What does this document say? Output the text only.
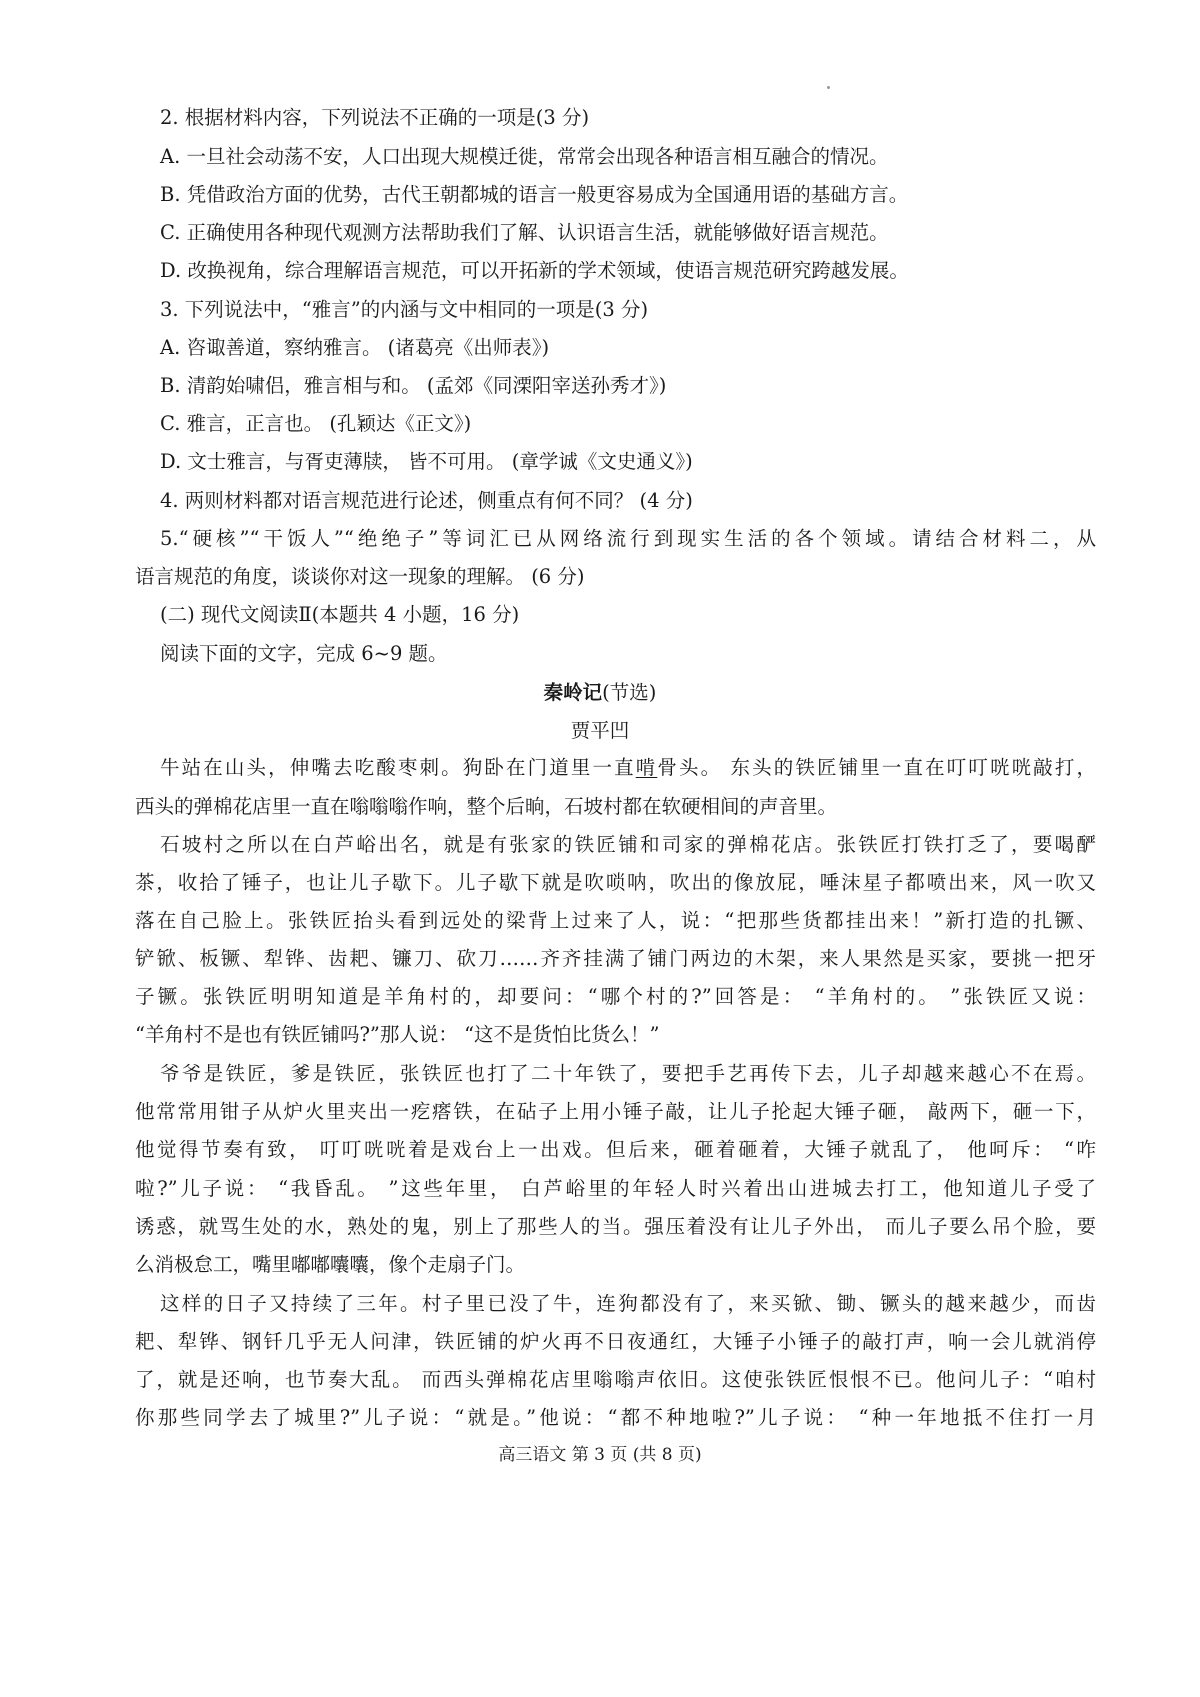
2. 根据材料内容，下列说法不正确的一项是(3 分)

A. 一旦社会动荡不安，人口出现大规模迁徙，常常会出现各种语言相互融合的情况。

B. 凭借政治方面的优势，古代王朝都城的语言一般更容易成为全国通用语的基础方言。

C. 正确使用各种现代观测方法帮助我们了解、认识语言生活，就能够做好语言规范。

D. 改换视角，综合理解语言规范，可以开拓新的学术领域，使语言规范研究跨越发展。

3. 下列说法中，“雅言”的内涵与文中相同的一项是(3 分)

A. 咨诹善道，察纳雅言。 (诸葛亮《出师表》)

B. 清韵始啸侣，雅言相与和。 (孟郊《同溧阳宰送孙秀才》)

C. 雅言，正言也。 (孔颖达《正文》)

D. 文士雅言，与胥吏薄牍， 皆不可用。 (章学诚《文史通义》)

4. 两则材料都对语言规范进行论述，侧重点有何不同？ (4 分)

5.“硬核”“干饭人”“绝绝子”等词汇已从网络流行到现实生活的各个领域。请结合材料二，从

语言规范的角度，谈谈你对这一现象的理解。 (6 分)

(二) 现代文阅读Ⅱ(本题共 4 小题，16 分)

阅读下面的文字，完成 6~9 题。

秦岭记(节选)

贾平凹

牛站在山头，伸嘴去吃酸枣刺。狗卧在门道里一直啃骨头。 东头的铁匠铺里一直在叮叮咣咣敲打，

西头的弹棉花店里一直在嗡嗡嗡作响，整个后晌，石坡村都在软硬相间的声音里。

石坡村之所以在白芦峪出名，就是有张家的铁匠铺和司家的弹棉花店。张铁匠打铁打乏了，要喝酽

茶，收拾了锤子，也让儿子歇下。儿子歇下就是吹唢呐，吹出的像放屁，唾沫星子都喷出来，风一吹又

落在自己脸上。张铁匠抬头看到远处的梁背上过来了人，说：“把那些货都挂出来！”新打造的扎镢、

铲锨、板镢、犁铧、齿耙、镰刀、砍刀……齐齐挂满了铺门两边的木架，来人果然是买家，要挑一把牙

子镢。张铁匠明明知道是羊角村的，却要问：“哪个村的?”回答是： “羊角村的。 ”张铁匠又说：

“羊角村不是也有铁匠铺吗?”那人说： “这不是货怕比货么！”

爷爷是铁匠，爹是铁匠，张铁匠也打了二十年铁了，要把手艺再传下去，儿子却越来越心不在焉。

他常常用钳子从炉火里夹出一疙瘩铁，在砧子上用小锤子敲，让儿子抡起大锤子砸， 敲两下，砸一下，

他觉得节奏有致， 叮叮咣咣着是戏台上一出戏。但后来，砸着砸着，大锤子就乱了， 他呵斥： “咋

啦?”儿子说： “我昏乱。 ”这些年里， 白芦峪里的年轻人时兴着出山进城去打工，他知道儿子受了

诱惑，就骂生处的水，熟处的鬼，别上了那些人的当。强压着没有让儿子外出， 而儿子要么吊个脸，要

么消极怠工，嘴里嘟嘟囔囔，像个走扇子门。

这样的日子又持续了三年。村子里已没了牛，连狗都没有了，来买锨、锄、镢头的越来越少，而齿

耙、犁铧、钢钎几乎无人问津，铁匠铺的炉火再不日夜通红，大锤子小锤子的敲打声，响一会儿就消停

了，就是还响，也节奏大乱。 而西头弹棉花店里嗡嗡声依旧。这使张铁匠恨恨不已。他问儿子：“咱村

你那些同学去了城里?”儿子说：“就是。”他说：“都不种地啦?”儿子说： “种一年地抵不住打一月

高三语文 第 3 页 (共 8 页)
